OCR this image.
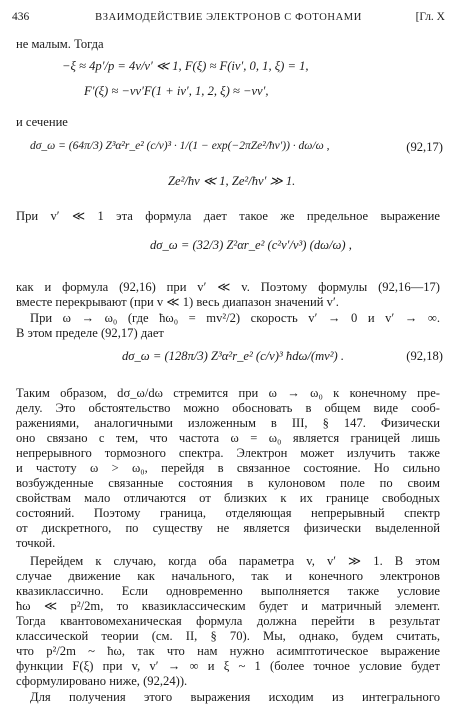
436	ВЗАИМОДЕЙСТВИЕ ЭЛЕКТРОНОВ С ФОТОНАМИ	[Гл. X
не малым. Тогда
−ξ ≈ 4p′/p = 4v/v′ ≪ 1, F(ξ) ≈ F(iv′, 0, 1, ξ) = 1,
F′(ξ) ≈ −vv′F(1 + iv′, 1, 2, ξ) ≈ −vv′,
и сечение
dσ_ω = (64π/3) Z³α²r_e² (c/v)³ · 1/(1 − exp(−2πZe²/ħv′)) · dω/ω ,	(92,17)
Ze²/ħv ≪ 1, Ze²/ħv′ ≫ 1.
При v′ ≪ 1 эта формула дает такое же предельное выражение
dσ_ω = (32/3) Z²αr_e² (c²v′/v³) (dω/ω) ,
как и формула (92,16) при v′ ≪ v. Поэтому формулы (92,16—17)
вместе перекрывают (при v ≪ 1) весь диапазон значений v′.
При ω → ω₀ (где ħω₀ = mv²/2) скорость v′ → 0 и v′ → ∞.
В этом пределе (92,17) дает
dσ_ω = (128π/3) Z³α²r_e² (c/v)³ ħdω/(mv²) .	(92,18)
Таким образом, dσ_ω/dω стремится при ω → ω₀ к конечному пре-
делу. Это обстоятельство можно обосновать в общем виде сооб-
ражениями, аналогичными изложенным в III, § 147. Физически
оно связано с тем, что частота ω = ω₀ является границей лишь
непрерывного тормозного спектра. Электрон может излучить также
и частоту ω > ω₀, перейдя в связанное состояние. Но сильно
возбужденные связанные состояния в кулоновом поле по своим
свойствам мало отличаются от близких к их границе свободных
состояний. Поэтому граница, отделяющая непрерывный спектр
от дискретного, по существу не является физически выделенной
точкой.
Перейдем к случаю, когда оба параметра v, v′ ≫ 1. В этом
случае движение как начального, так и конечного электронов
квазиклассично. Если одновременно выполняется также условие
ħω ≪ p²/2m, то квазиклассическим будет и матричный элемент.
Тогда квантовомеханическая формула должна перейти в результат
классической теории (см. II, § 70). Мы, однако, будем считать,
что p²/2m ~ ħω, так что нам нужно асимптотическое выражение
функции F(ξ) при v, v′ → ∞ и ξ ~ 1 (более точное условие будет
сформулировано ниже, (92,24)).
Для получения этого выражения исходим из интегрального
